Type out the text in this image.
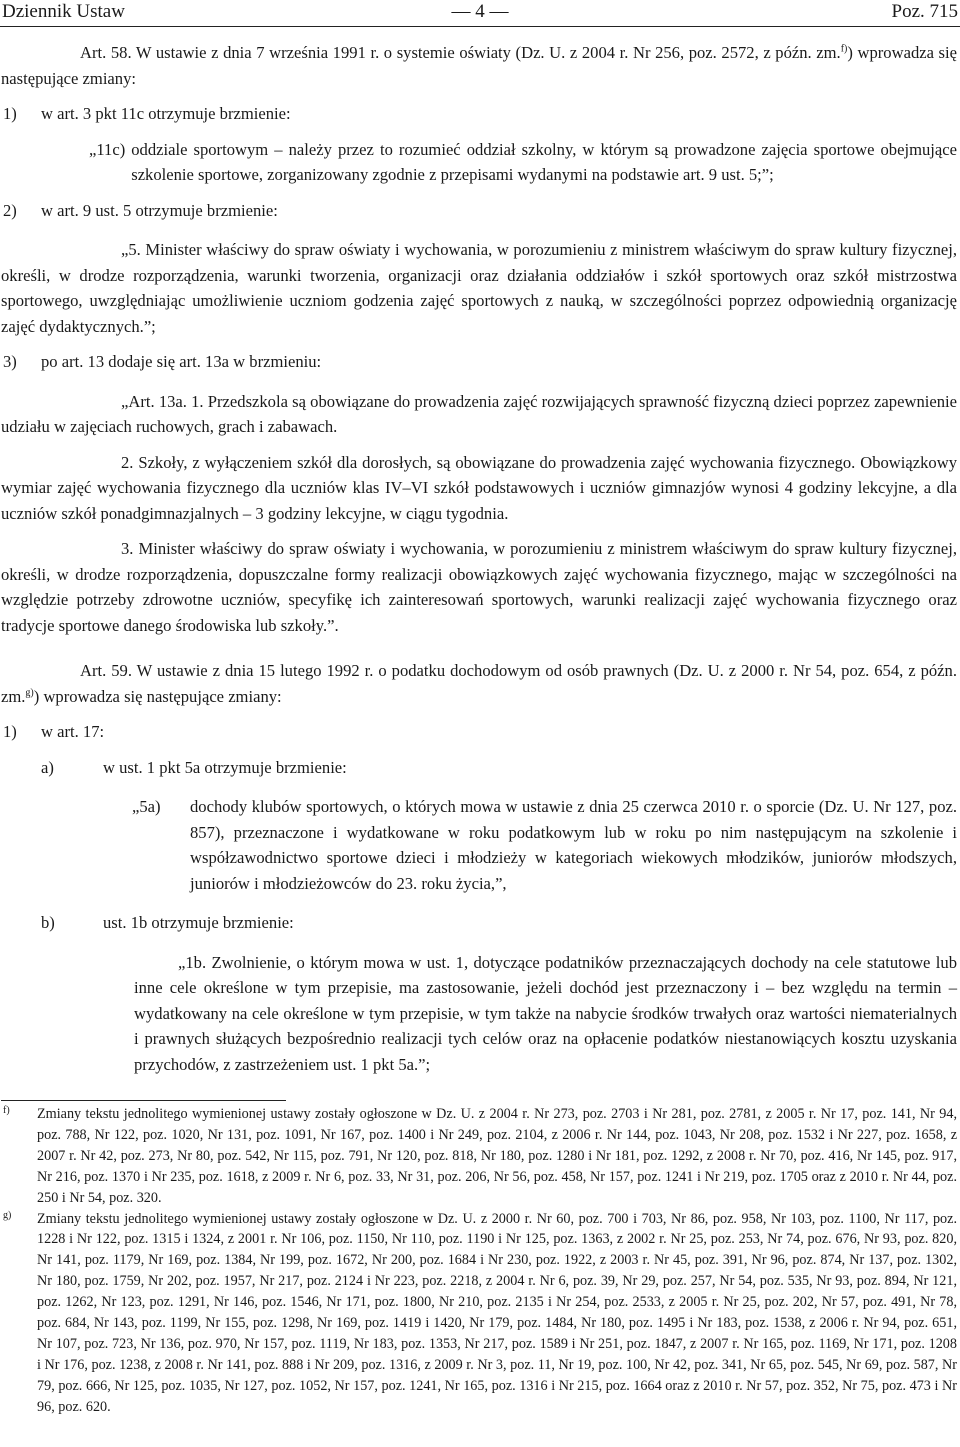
Dziennik Ustaw	— 4 —	Poz. 715

Art. 58. W ustawie z dnia 7 września 1991 r. o systemie oświaty (Dz. U. z 2004 r. Nr 256, poz. 2572, z późn. zm.$^{f)}$) wprowadza się następujące zmiany:

1)	w art. 3 pkt 11c otrzymuje brzmienie:
„11c) oddziale sportowym – należy przez to rozumieć oddział szkolny, w którym są prowadzone zajęcia sportowe obejmujące szkolenie sportowe, zorganizowany zgodnie z przepisami wydanymi na podstawie art. 9 ust. 5;”;
2)	w art. 9 ust. 5 otrzymuje brzmienie:

„5. Minister właściwy do spraw oświaty i wychowania, w porozumieniu z ministrem właściwym do spraw kultury fizycznej, określi, w drodze rozporządzenia, warunki tworzenia, organizacji oraz działania oddziałów i szkół sportowych oraz szkół mistrzostwa sportowego, uwzględniając umożliwienie uczniom godzenia zajęć sportowych z nauką, w szczególności poprzez odpowiednią organizację zajęć dydaktycznych.”;

3)	po art. 13 dodaje się art. 13a w brzmieniu:

„Art. 13a. 1. Przedszkola są obowiązane do prowadzenia zajęć rozwijających sprawność fizyczną dzieci poprzez zapewnienie udziału w zajęciach ruchowych, grach i zabawach.

2. Szkoły, z wyłączeniem szkół dla dorosłych, są obowiązane do prowadzenia zajęć wychowania fizycznego. Obowiązkowy wymiar zajęć wychowania fizycznego dla uczniów klas IV–VI szkół podstawowych i uczniów gimnazjów wynosi 4 godziny lekcyjne, a dla uczniów szkół ponadgimnazjalnych – 3 godziny lekcyjne, w ciągu tygodnia.

3. Minister właściwy do spraw oświaty i wychowania, w porozumieniu z ministrem właściwym do spraw kultury fizycznej, określi, w drodze rozporządzenia, dopuszczalne formy realizacji obowiązkowych zajęć wychowania fizycznego, mając w szczególności na względzie potrzeby zdrowotne uczniów, specyfikę ich zainteresowań sportowych, warunki realizacji zajęć wychowania fizycznego oraz tradycje sportowe danego środowiska lub szkoły.”.

Art. 59. W ustawie z dnia 15 lutego 1992 r. o podatku dochodowym od osób prawnych (Dz. U. z 2000 r. Nr 54, poz. 654, z późn. zm.$^{g)}$) wprowadza się następujące zmiany:

1)	w art. 17:
a)	w ust. 1 pkt 5a otrzymuje brzmienie:
„5a)	dochody klubów sportowych, o których mowa w ustawie z dnia 25 czerwca 2010 r. o sporcie (Dz. U. Nr 127, poz. 857), przeznaczone i wydatkowane w roku podatkowym lub w roku po nim następującym na szkolenie i współzawodnictwo sportowe dzieci i młodzieży w kategoriach wiekowych młodzików, juniorów młodszych, juniorów i młodzieżowców do 23. roku życia,”,
b)	ust. 1b otrzymuje brzmienie:

„1b. Zwolnienie, o którym mowa w ust. 1, dotyczące podatników przeznaczających dochody na cele statutowe lub inne cele określone w tym przepisie, ma zastosowanie, jeżeli dochód jest przeznaczony i – bez względu na termin – wydatkowany na cele określone w tym przepisie, w tym także na nabycie środków trwałych oraz wartości niematerialnych i prawnych służących bezpośrednio realizacji tych celów oraz na opłacenie podatków niestanowiących kosztu uzyskania przychodów, z zastrzeżeniem ust. 1 pkt 5a.”;

f)	Zmiany tekstu jednolitego wymienionej ustawy zostały ogłoszone w Dz. U. z 2004 r. Nr 273, poz. 2703 i Nr 281, poz. 2781, z 2005 r. Nr 17, poz. 141, Nr 94, poz. 788, Nr 122, poz. 1020, Nr 131, poz. 1091, Nr 167, poz. 1400 i Nr 249, poz. 2104, z 2006 r. Nr 144, poz. 1043, Nr 208, poz. 1532 i Nr 227, poz. 1658, z 2007 r. Nr 42, poz. 273, Nr 80, poz. 542, Nr 115, poz. 791, Nr 120, poz. 818, Nr 180, poz. 1280 i Nr 181, poz. 1292, z 2008 r. Nr 70, poz. 416, Nr 145, poz. 917, Nr 216, poz. 1370 i Nr 235, poz. 1618, z 2009 r. Nr 6, poz. 33, Nr 31, poz. 206, Nr 56, poz. 458, Nr 157, poz. 1241 i Nr 219, poz. 1705 oraz z 2010 r. Nr 44, poz. 250 i Nr 54, poz. 320.
g)	Zmiany tekstu jednolitego wymienionej ustawy zostały ogłoszone w Dz. U. z 2000 r. Nr 60, poz. 700 i 703, Nr 86, poz. 958, Nr 103, poz. 1100, Nr 117, poz. 1228 i Nr 122, poz. 1315 i 1324, z 2001 r. Nr 106, poz. 1150, Nr 110, poz. 1190 i Nr 125, poz. 1363, z 2002 r. Nr 25, poz. 253, Nr 74, poz. 676, Nr 93, poz. 820, Nr 141, poz. 1179, Nr 169, poz. 1384, Nr 199, poz. 1672, Nr 200, poz. 1684 i Nr 230, poz. 1922, z 2003 r. Nr 45, poz. 391, Nr 96, poz. 874, Nr 137, poz. 1302, Nr 180, poz. 1759, Nr 202, poz. 1957, Nr 217, poz. 2124 i Nr 223, poz. 2218, z 2004 r. Nr 6, poz. 39, Nr 29, poz. 257, Nr 54, poz. 535, Nr 93, poz. 894, Nr 121, poz. 1262, Nr 123, poz. 1291, Nr 146, poz. 1546, Nr 171, poz. 1800, Nr 210, poz. 2135 i Nr 254, poz. 2533, z 2005 r. Nr 25, poz. 202, Nr 57, poz. 491, Nr 78, poz. 684, Nr 143, poz. 1199, Nr 155, poz. 1298, Nr 169, poz. 1419 i 1420, Nr 179, poz. 1484, Nr 180, poz. 1495 i Nr 183, poz. 1538, z 2006 r. Nr 94, poz. 651, Nr 107, poz. 723, Nr 136, poz. 970, Nr 157, poz. 1119, Nr 183, poz. 1353, Nr 217, poz. 1589 i Nr 251, poz. 1847, z 2007 r. Nr 165, poz. 1169, Nr 171, poz. 1208 i Nr 176, poz. 1238, z 2008 r. Nr 141, poz. 888 i Nr 209, poz. 1316, z 2009 r. Nr 3, poz. 11, Nr 19, poz. 100, Nr 42, poz. 341, Nr 65, poz. 545, Nr 69, poz. 587, Nr 79, poz. 666, Nr 125, poz. 1035, Nr 127, poz. 1052, Nr 157, poz. 1241, Nr 165, poz. 1316 i Nr 215, poz. 1664 oraz z 2010 r. Nr 57, poz. 352, Nr 75, poz. 473 i Nr 96, poz. 620.
